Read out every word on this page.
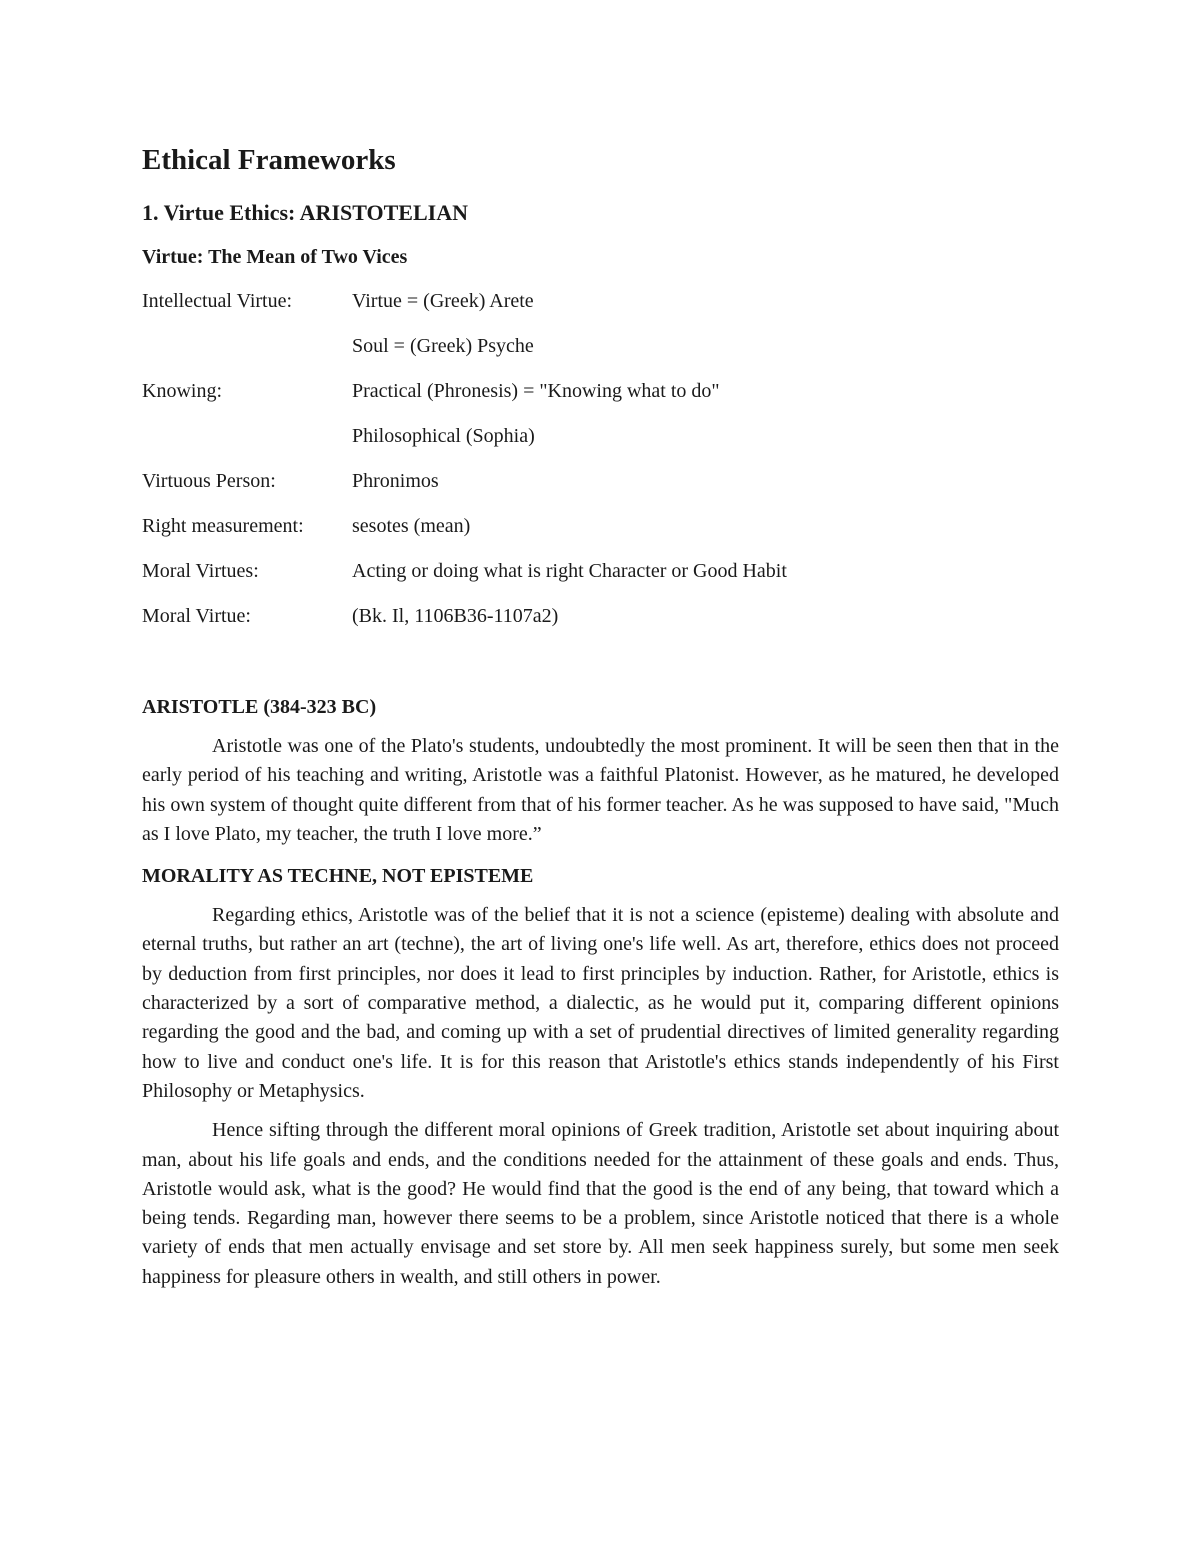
Ethical Frameworks
1. Virtue Ethics: ARISTOTELIAN
Virtue: The Mean of Two Vices
Intellectual Virtue:	Virtue = (Greek) Arete
Soul = (Greek) Psyche
Knowing:	Practical (Phronesis) = "Knowing what to do"
Philosophical (Sophia)
Virtuous Person:	Phronimos
Right measurement:	sesotes (mean)
Moral Virtues:	Acting or doing what is right Character or Good Habit
Moral Virtue:	(Bk. Il, 1106B36-1107a2)
ARISTOTLE (384-323 BC)

Aristotle was one of the Plato's students, undoubtedly the most prominent. It will be seen then that in the early period of his teaching and writing, Aristotle was a faithful Platonist. However, as he matured, he developed his own system of thought quite different from that of his former teacher. As he was supposed to have said, "Much as I love Plato, my teacher, the truth I love more.”

MORALITY AS TECHNE, NOT EPISTEME

Regarding ethics, Aristotle was of the belief that it is not a science (episteme) dealing with absolute and eternal truths, but rather an art (techne), the art of living one's life well. As art, therefore, ethics does not proceed by deduction from first principles, nor does it lead to first principles by induction. Rather, for Aristotle, ethics is characterized by a sort of comparative method, a dialectic, as he would put it, comparing different opinions regarding the good and the bad, and coming up with a set of prudential directives of limited generality regarding how to live and conduct one's life. It is for this reason that Aristotle's ethics stands independently of his First Philosophy or Metaphysics.

Hence sifting through the different moral opinions of Greek tradition, Aristotle set about inquiring about man, about his life goals and ends, and the conditions needed for the attainment of these goals and ends. Thus, Aristotle would ask, what is the good? He would find that the good is the end of any being, that toward which a being tends. Regarding man, however there seems to be a problem, since Aristotle noticed that there is a whole variety of ends that men actually envisage and set store by. All men seek happiness surely, but some men seek happiness for pleasure others in wealth, and still others in power.
